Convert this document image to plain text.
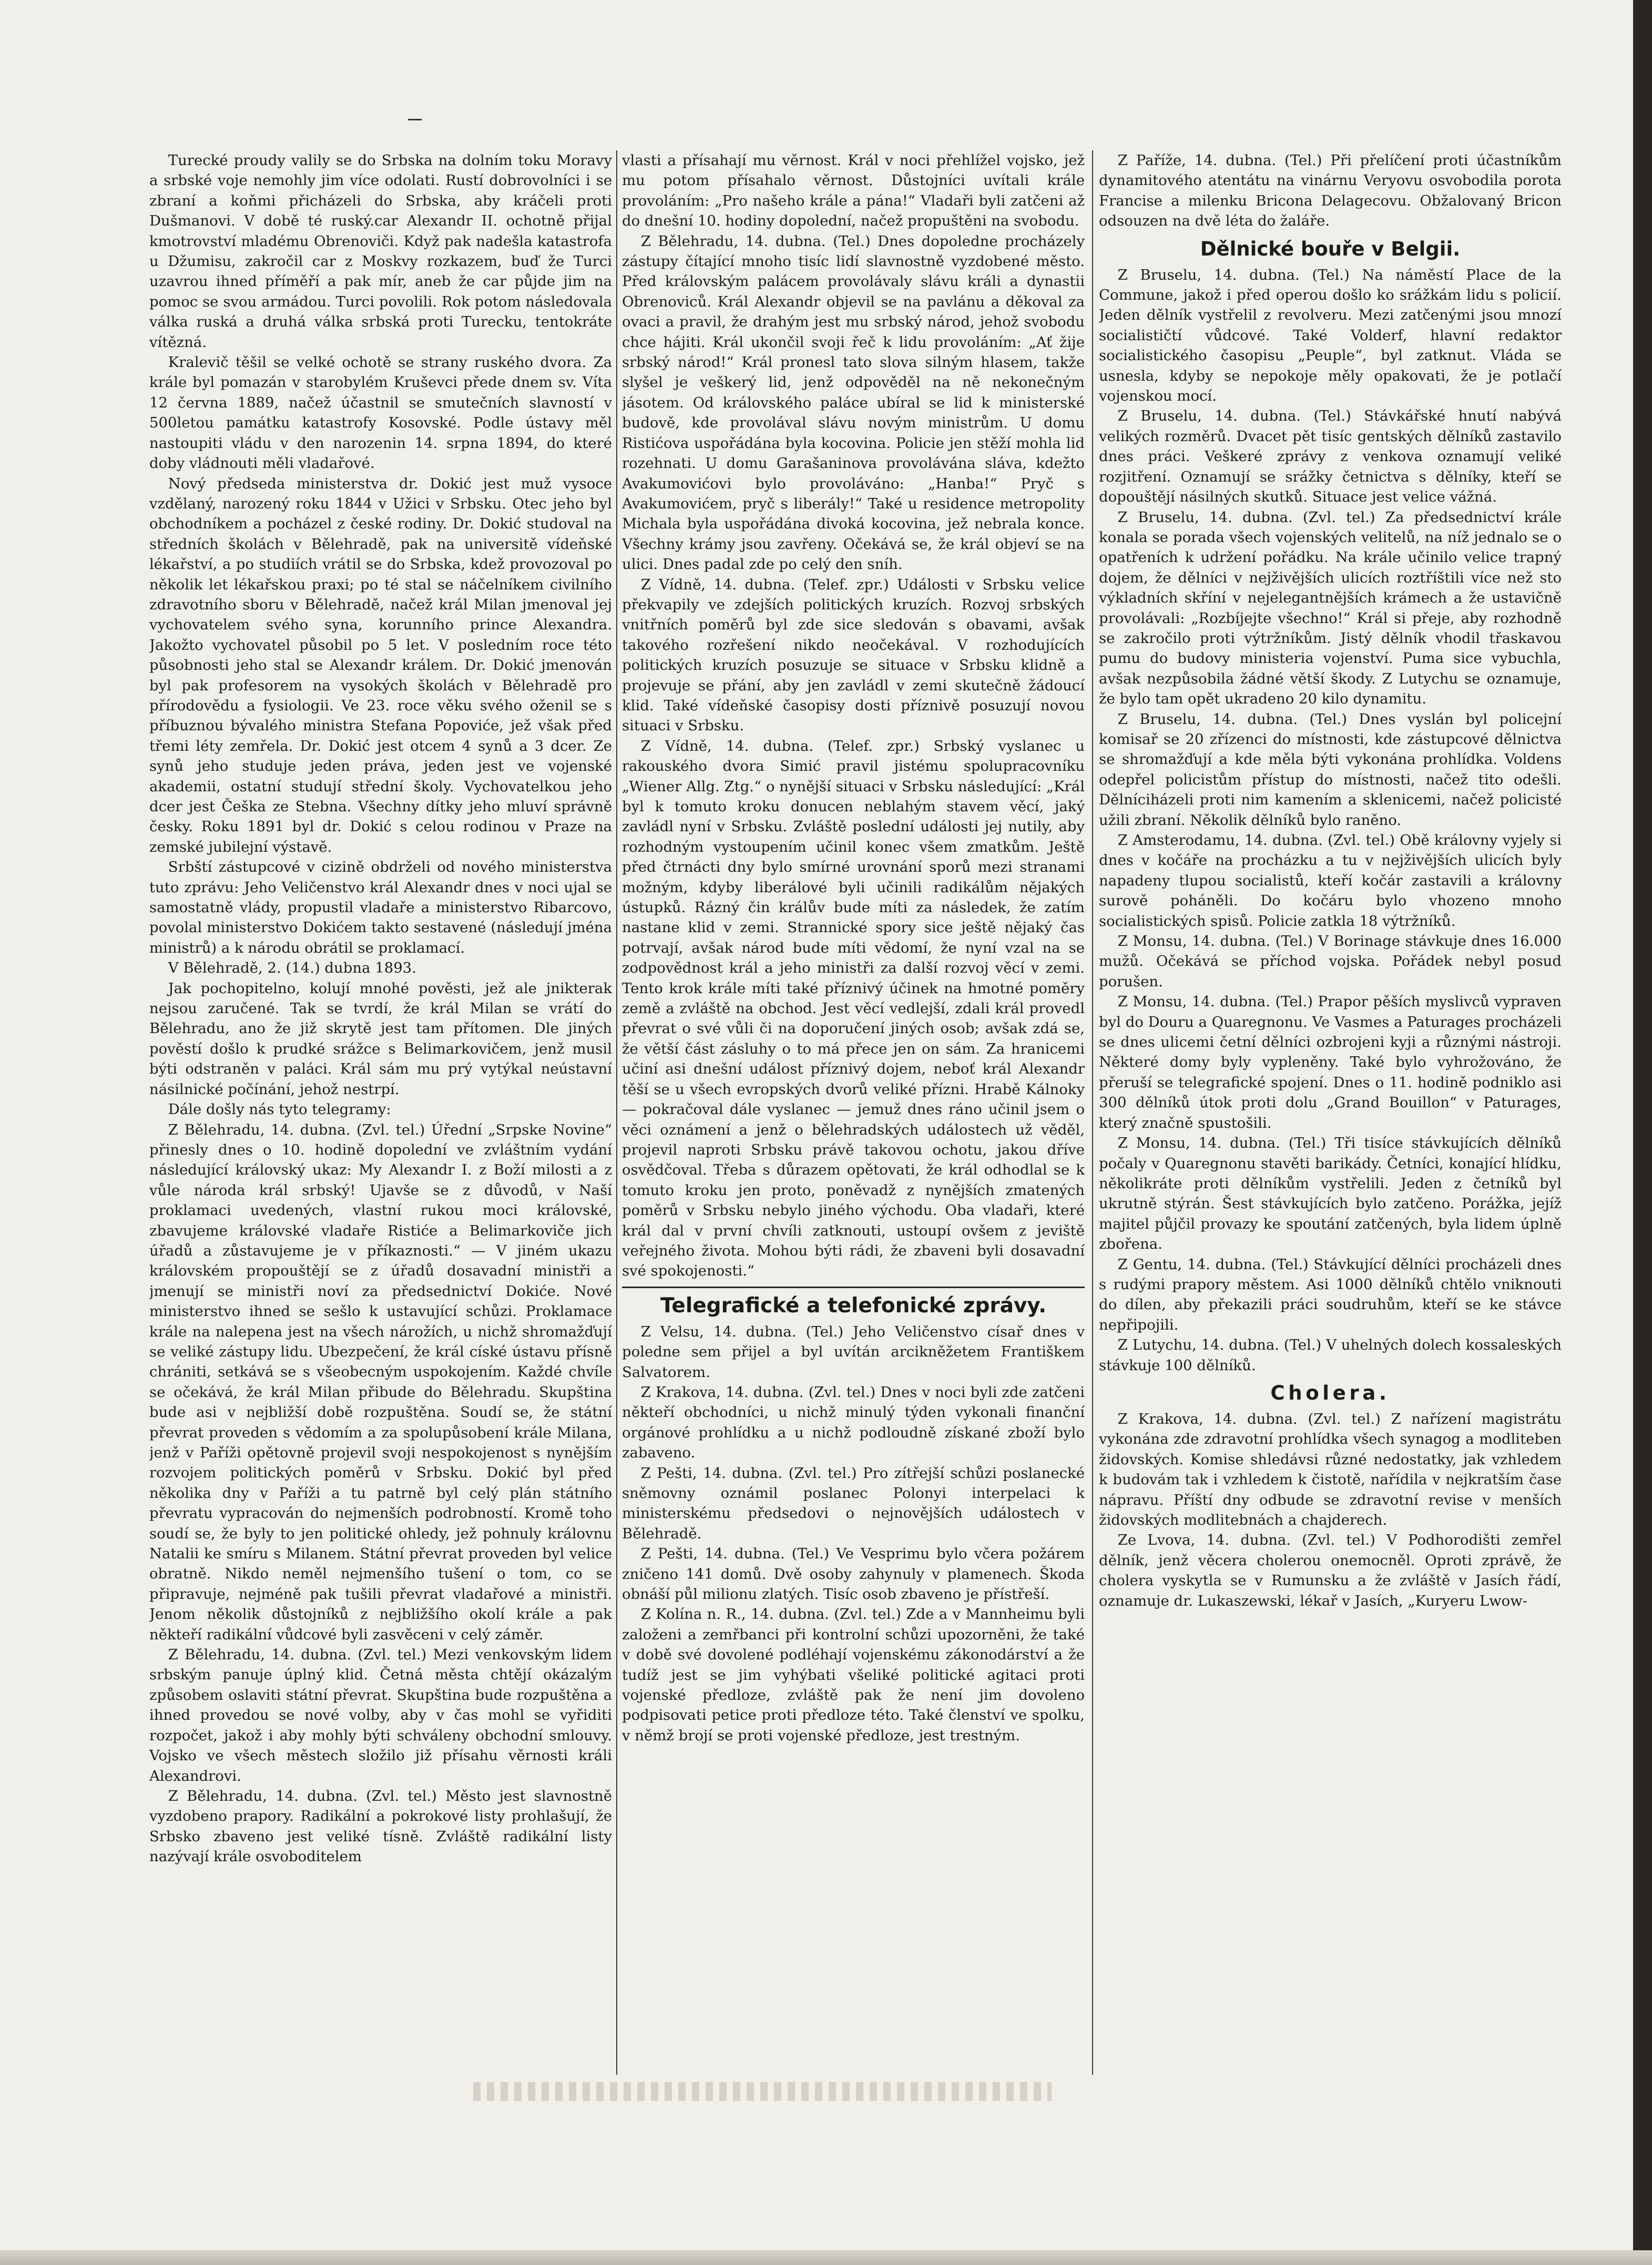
Turecké proudy valily se do Srbska na dolním toku Moravy a srbské voje nemohly jim více odolati. Rustí dobrovolníci i se zbraní a koňmi přicházeli do Srbska, aby kráčeli proti Dušmanovi. V době té ruský.car Alexandr II. ochotně přijal kmotrovství mladému Obrenoviči. Když pak nadešla katastrofa u Džumisu, zakročil car z Moskvy rozkazem, buď že Turci uzavrou ihned příměří a pak mír, aneb že car půjde jim na pomoc se svou armádou. Turci povolili. Rok potom následovala válka ruská a druhá válka srbská proti Turecku, tentokráte vítězná.

Kralevič těšil se velké ochotě se strany ruského dvora. Za krále byl pomazán v starobylém Kruševci přede dnem sv. Víta 12 června 1889, načež účastnil se smutečních slavností v 500letou památku katastrofy Kosovské. Podle ústavy měl nastoupiti vládu v den narozenin 14. srpna 1894, do které doby vládnouti měli vladařové.

Nový předseda ministerstva dr. Dokić jest muž vysoce vzdělaný, narozený roku 1844 v Užici v Srbsku. Otec jeho byl obchodníkem a pocházel z české rodiny. Dr. Dokić studoval na středních školách v Bělehradě, pak na universitě vídeňské lékařství, a po studiích vrátil se do Srbska, kdež provozoval po několik let lékařskou praxi; po té stal se náčelníkem civilního zdravotního sboru v Bělehradě, načež král Milan jmenoval jej vychovatelem svého syna, korunního prince Alexandra. Jakožto vychovatel působil po 5 let. V posledním roce této působnosti jeho stal se Alexandr králem. Dr. Dokić jmenován byl pak profesorem na vysokých školách v Bělehradě pro přírodovědu a fysiologii. Ve 23. roce věku svého oženil se s příbuznou bývalého ministra Stefana Popoviće, jež však před třemi léty zemřela. Dr. Dokić jest otcem 4 synů a 3 dcer. Ze synů jeho studuje jeden práva, jeden jest ve vojenské akademii, ostatní studují střední školy. Vychovatelkou jeho dcer jest Češka ze Stebna. Všechny dítky jeho mluví správně česky. Roku 1891 byl dr. Dokić s celou rodinou v Praze na zemské jubilejní výstavě.

Srbští zástupcové v cizině obdrželi od nového ministerstva tuto zprávu: Jeho Veličenstvo král Alexandr dnes v noci ujal se samostatně vlády, propustil vladaře a ministerstvo Ribarcovo, povolal ministerstvo Dokićem takto sestavené (následují jména ministrů) a k národu obrátil se proklamací.

V Bělehradě, 2. (14.) dubna 1893.

Jak pochopitelno, kolují mnohé pověsti, jež ale jnikterak nejsou zaručené. Tak se tvrdí, že král Milan se vrátí do Bělehradu, ano že již skrytě jest tam přítomen. Dle jiných pověstí došlo k prudké srážce s Belimarkovičem, jenž musil býti odstraněn v paláci. Král sám mu prý vytýkal neústavní násilnické počínání, jehož nestrpí.

Dále došly nás tyto telegramy:

Z Bělehradu, 14. dubna. (Zvl. tel.) Úřední „Srpske Novine“ přinesly dnes o 10. hodině dopolední ve zvláštním vydání následující královský ukaz: My Alexandr I. z Boží milosti a z vůle národa král srbský! Ujavše se z důvodů, v Naší proklamaci uvedených, vlastní rukou moci královské, zbavujeme královské vladaře Ristiće a Belimarkoviče jich úřadů a zůstavujeme je v příkaznosti.“ — V jiném ukazu královském propouštějí se z úřadů dosavadní ministři a jmenují se ministři noví za předsednictví Dokiće. Nové ministerstvo ihned se sešlo k ustavující schůzi. Proklamace krále na nalepena jest na všech nárožích, u nichž shromažďují se veliké zástupy lidu. Ubezpečení, že král císké ústavu přísně chrániti, setkává se s všeobecným uspokojením. Každé chvíle se očekává, že král Milan přibude do Bělehradu. Skupština bude asi v nejbližší době rozpuštěna. Soudí se, že státní převrat proveden s vědomím a za spolupůsobení krále Milana, jenž v Paříži opětovně projevil svoji nespokojenost s nynějším rozvojem politických poměrů v Srbsku. Dokić byl před několika dny v Paříži a tu patrně byl celý plán státního převratu vypracován do nejmenších podrobností. Kromě toho soudí se, že byly to jen politické ohledy, jež pohnuly královnu Natalii ke smíru s Milanem. Státní převrat proveden byl velice obratně. Nikdo neměl nejmenšího tušení o tom, co se připravuje, nejméně pak tušili převrat vladařové a ministři. Jenom několik důstojníků z nejbližšího okolí krále a pak někteří radikální vůdcové byli zasvěceni v celý záměr.

Z Bělehradu, 14. dubna. (Zvl. tel.) Mezi venkovským lidem srbským panuje úplný klid. Četná města chtějí okázalým způsobem oslaviti státní převrat. Skupština bude rozpuštěna a ihned provedou se nové volby, aby v čas mohl se vyřiditi rozpočet, jakož i aby mohly býti schváleny obchodní smlouvy. Vojsko ve všech městech složilo již přísahu věrnosti králi Alexandrovi.

Z Bělehradu, 14. dubna. (Zvl. tel.) Město jest slavnostně vyzdobeno prapory. Radikální a pokrokové listy prohlašují, že Srbsko zbaveno jest veliké tísně. Zvláště radikální listy nazývají krále osvoboditelem

vlasti a přísahají mu věrnost. Král v noci přehlížel vojsko, jež mu potom přísahalo věrnost. Důstojníci uvítali krále provoláním: „Pro našeho krále a pána!“ Vladaři byli zatčeni až do dnešní 10. hodiny dopolední, načež propuštěni na svobodu.

Z Bělehradu, 14. dubna. (Tel.) Dnes dopoledne procházely zástupy čítající mnoho tisíc lidí slavnostně vyzdobené město. Před královským palácem provolávaly slávu králi a dynastii Obrenoviců. Král Alexandr objevil se na pavlánu a děkoval za ovaci a pravil, že drahým jest mu srbský národ, jehož svobodu chce hájiti. Král ukončil svoji řeč k lidu provoláním: „Ať žije srbský národ!“ Král pronesl tato slova silným hlasem, takže slyšel je veškerý lid, jenž odpověděl na ně nekonečným jásotem. Od královského paláce ubíral se lid k ministerské budově, kde provolával slávu novým ministrům. U domu Ristićova uspořádána byla kocovina. Policie jen stěží mohla lid rozehnati. U domu Garašaninova provolávána sláva, kdežto Avakumovićovi bylo provoláváno: „Hanba!“ Pryč s Avakumovićem, pryč s liberály!“ Také u residence metropolity Michala byla uspořádána divoká kocovina, jež nebrala konce. Všechny krámy jsou zavřeny. Očekává se, že král objeví se na ulici. Dnes padal zde po celý den sníh.

Z Vídně, 14. dubna. (Telef. zpr.) Události v Srbsku velice překvapily ve zdejších politických kruzích. Rozvoj srbských vnitřních poměrů byl zde sice sledován s obavami, avšak takového rozřešení nikdo neočekával. V rozhodujících politických kruzích posuzuje se situace v Srbsku klidně a projevuje se přání, aby jen zavládl v zemi skutečně žádoucí klid. Také vídeňské časopisy dosti příznivě posuzují novou situaci v Srbsku.

Z Vídně, 14. dubna. (Telef. zpr.) Srbský vyslanec u rakouského dvora Simić pravil jistému spolupracovníku „Wiener Allg. Ztg.“ o nynější situaci v Srbsku následující: „Král byl k tomuto kroku donucen neblahým stavem věcí, jaký zavládl nyní v Srbsku. Zvláště poslední události jej nutily, aby rozhodným vystoupením učinil konec všem zmatkům. Ještě před čtrnácti dny bylo smírné urovnání sporů mezi stranami možným, kdyby liberálové byli učinili radikálům nějakých ústupků. Rázný čin králův bude míti za následek, že zatím nastane klid v zemi. Strannické spory sice ještě nějaký čas potrvají, avšak národ bude míti vědomí, že nyní vzal na se zodpovědnost král a jeho ministři za další rozvoj věcí v zemi. Tento krok krále míti také příznivý účinek na hmotné poměry země a zvláště na obchod. Jest věcí vedlejší, zdali král provedl převrat o své vůli či na doporučení jiných osob; avšak zdá se, že větší část zásluhy o to má přece jen on sám. Za hranicemi učiní asi dnešní událost příznivý dojem, neboť král Alexandr těší se u všech evropských dvorů veliké přízni. Hrabě Kálnoky — pokračoval dále vyslanec — jemuž dnes ráno učinil jsem o věci oznámení a jenž o bělehradských událostech už věděl, projevil naproti Srbsku právě takovou ochotu, jakou dříve osvědčoval. Třeba s důrazem opětovati, že král odhodlal se k tomuto kroku jen proto, poněvadž z nynějších zmatených poměrů v Srbsku nebylo jiného východu. Oba vladaři, které král dal v první chvíli zatknouti, ustoupí ovšem z jeviště veřejného života. Mohou býti rádi, že zbaveni byli dosavadní své spokojenosti.“

Telegrafické a telefonické zprávy.

Z Velsu, 14. dubna. (Tel.) Jeho Veličenstvo císař dnes v poledne sem přijel a byl uvítán arcikněžetem Františkem Salvatorem.

Z Krakova, 14. dubna. (Zvl. tel.) Dnes v noci byli zde zatčeni někteří obchodníci, u nichž minulý týden vykonali finanční orgánové prohlídku a u nichž podloudně získané zboží bylo zabaveno.

Z Pešti, 14. dubna. (Zvl. tel.) Pro zítřejší schůzi poslanecké sněmovny oznámil poslanec Polonyi interpelaci k ministerskému předsedovi o nejnovějších událostech v Bělehradě.

Z Pešti, 14. dubna. (Tel.) Ve Vesprimu bylo včera požárem zničeno 141 domů. Dvě osoby zahynuly v plamenech. Škoda obnáší půl milionu zlatých. Tisíc osob zbaveno je přístřeší.

Z Kolína n. R., 14. dubna. (Zvl. tel.) Zde a v Mannheimu byli založeni a zemřbanci při kontrolní schůzi upozorněni, že také v době své dovolené podléhají vojenskému zákonodárství a že tudíž jest se jim vyhýbati všeliké politické agitaci proti vojenské předloze, zvláště pak že není jim dovoleno podpisovati petice proti předloze této. Také členství ve spolku, v němž brojí se proti vojenské předloze, jest trestným.

Z Paříže, 14. dubna. (Tel.) Při přelíčení proti účastníkům dynamitového atentátu na vinárnu Veryovu osvobodila porota Francise a milenku Bricona Delagecovu. Obžalovaný Bricon odsouzen na dvě léta do žaláře.

Dělnické bouře v Belgii.

Z Bruselu, 14. dubna. (Tel.) Na náměstí Place de la Commune, jakož i před operou došlo ko srážkám lidu s policií. Jeden dělník vystřelil z revolveru. Mezi zatčenými jsou mnozí socialističtí vůdcové. Také Volderf, hlavní redaktor socialistického časopisu „Peuple“, byl zatknut. Vláda se usnesla, kdyby se nepokoje měly opakovati, že je potlačí vojenskou mocí.

Z Bruselu, 14. dubna. (Tel.) Stávkářské hnutí nabývá velikých rozměrů. Dvacet pět tisíc gentských dělníků zastavilo dnes práci. Veškeré zprávy z venkova oznamují veliké rozjitření. Oznamují se srážky četnictva s dělníky, kteří se dopouštějí násilných skutků. Situace jest velice vážná.

Z Bruselu, 14. dubna. (Zvl. tel.) Za předsednictví krále konala se porada všech vojenských velitelů, na níž jednalo se o opatřeních k udržení pořádku. Na krále učinilo velice trapný dojem, že dělníci v nejživějších ulicích roztříštili více než sto výkladních skříní v nejelegantnějších krámech a že ustavičně provolávali: „Rozbíjejte všechno!“ Král si přeje, aby rozhodně se zakročilo proti výtržníkům. Jistý dělník vhodil třaskavou pumu do budovy ministeria vojenství. Puma sice vybuchla, avšak nezpůsobila žádné větší škody. Z Lutychu se oznamuje, že bylo tam opět ukradeno 20 kilo dynamitu.

Z Bruselu, 14. dubna. (Tel.) Dnes vyslán byl policejní komisař se 20 zřízenci do místnosti, kde zástupcové dělnictva se shromažďují a kde měla býti vykonána prohlídka. Voldens odepřel policistům přístup do místnosti, načež tito odešli. Dělníciházeli proti nim kamením a sklenicemi, načež policisté užili zbraní. Několik dělníků bylo raněno.

Z Amsterodamu, 14. dubna. (Zvl. tel.) Obě královny vyjely si dnes v kočáře na procházku a tu v nejživějších ulicích byly napadeny tlupou socialistů, kteří kočár zastavili a královny surově poháněli. Do kočáru bylo vhozeno mnoho socialistických spisů. Policie zatkla 18 výtržníků.

Z Monsu, 14. dubna. (Tel.) V Borinage stávkuje dnes 16.000 mužů. Očekává se příchod vojska. Pořádek nebyl posud porušen.

Z Monsu, 14. dubna. (Tel.) Prapor pěších myslivců vypraven byl do Douru a Quaregnonu. Ve Vasmes a Paturages procházeli se dnes ulicemi četní dělníci ozbrojeni kyji a různými nástroji. Některé domy byly vypleněny. Také bylo vyhrožováno, že přeruší se telegrafické spojení. Dnes o 11. hodině podniklo asi 300 dělníků útok proti dolu „Grand Bouillon“ v Paturages, který značně spustošili.

Z Monsu, 14. dubna. (Tel.) Tři tisíce stávkujících dělníků počaly v Quaregnonu stavěti barikády. Četníci, konající hlídku, několikráte proti dělníkům vystřelili. Jeden z četníků byl ukrutně stýrán. Šest stávkujících bylo zatčeno. Porážka, jejíž majitel půjčil provazy ke spoutání zatčených, byla lidem úplně zbořena.

Z Gentu, 14. dubna. (Tel.) Stávkující dělníci procházeli dnes s rudými prapory městem. Asi 1000 dělníků chtělo vniknouti do dílen, aby překazili práci soudruhům, kteří se ke stávce nepřipojili.

Z Lutychu, 14. dubna. (Tel.) V uhelných dolech kossaleských stávkuje 100 dělníků.

Cholera.

Z Krakova, 14. dubna. (Zvl. tel.) Z nařízení magistrátu vykonána zde zdravotní prohlídka všech synagog a modliteben židovských. Komise shledávsi různé nedostatky, jak vzhledem k budovám tak i vzhledem k čistotě, nařídila v nejkratším čase nápravu. Příští dny odbude se zdravotní revise v menších židovských modlitebnách a chajderech.

Ze Lvova, 14. dubna. (Zvl. tel.) V Podhorodišti zemřel dělník, jenž věcera cholerou onemocněl. Oproti zprávě, že cholera vyskytla se v Rumunsku a že zvláště v Jasích řádí, oznamuje dr. Lukaszewski, lékař v Jasích, „Kuryeru Lwow-
